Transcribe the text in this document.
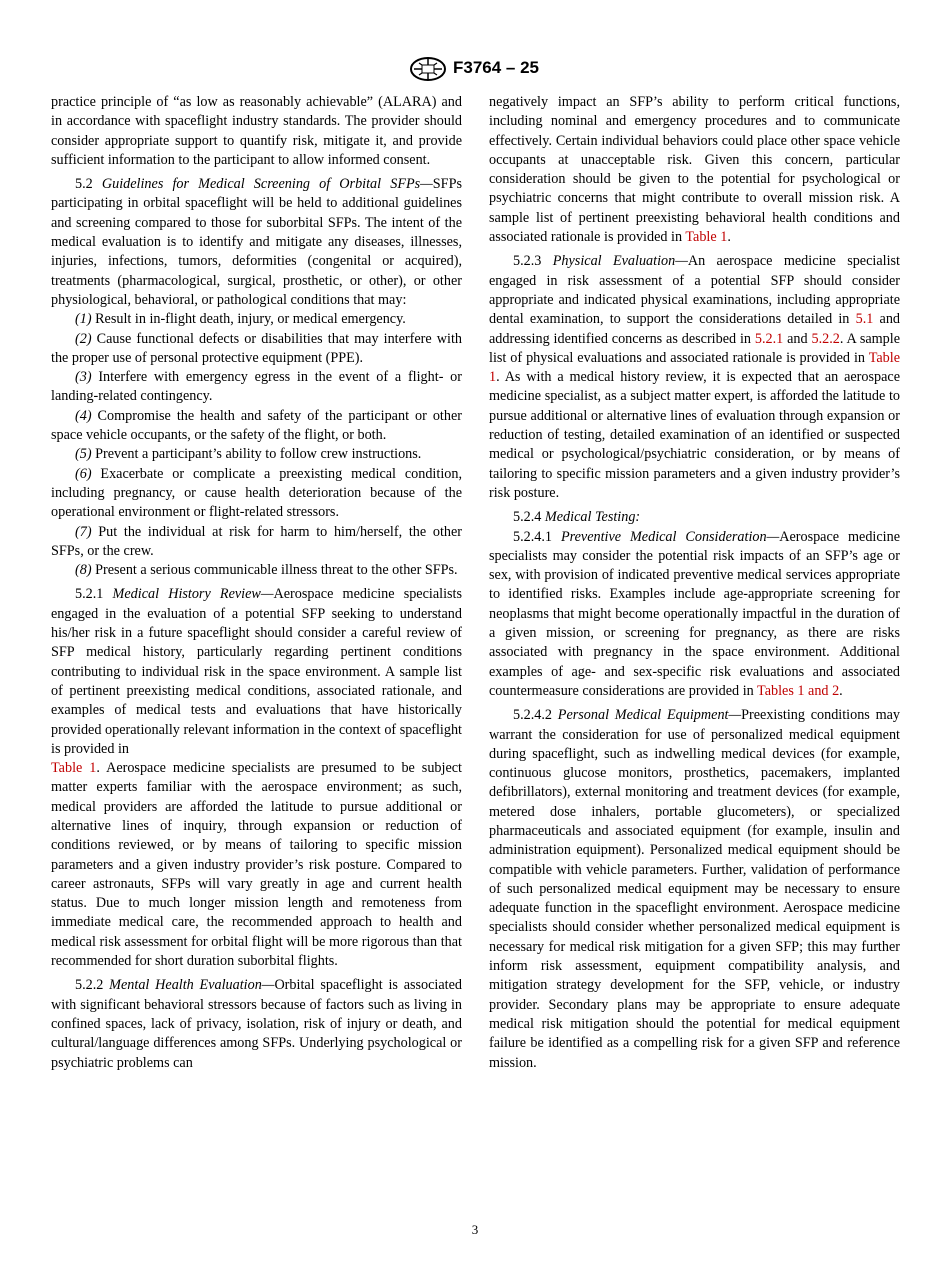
F3764 – 25

practice principle of “as low as reasonably achievable” (ALARA) and in accordance with spaceflight industry standards. The provider should consider appropriate support to quantify risk, mitigate it, and provide sufficient information to the participant to allow informed consent.

5.2 Guidelines for Medical Screening of Orbital SFPs—SFPs participating in orbital spaceflight will be held to additional guidelines and screening compared to those for suborbital SFPs. The intent of the medical evaluation is to identify and mitigate any diseases, illnesses, injuries, infections, tumors, deformities (congenital or acquired), treatments (pharmacological, surgical, prosthetic, or other), or other physiological, behavioral, or pathological conditions that may:

(1) Result in in-flight death, injury, or medical emergency.

(2) Cause functional defects or disabilities that may interfere with the proper use of personal protective equipment (PPE).

(3) Interfere with emergency egress in the event of a flight- or landing-related contingency.

(4) Compromise the health and safety of the participant or other space vehicle occupants, or the safety of the flight, or both.

(5) Prevent a participant’s ability to follow crew instructions.

(6) Exacerbate or complicate a preexisting medical condition, including pregnancy, or cause health deterioration because of the operational environment or flight-related stressors.

(7) Put the individual at risk for harm to him/herself, the other SFPs, or the crew.

(8) Present a serious communicable illness threat to the other SFPs.

5.2.1 Medical History Review—Aerospace medicine specialists engaged in the evaluation of a potential SFP seeking to understand his/her risk in a future spaceflight should consider a careful review of SFP medical history, particularly regarding pertinent conditions contributing to individual risk in the space environment. A sample list of pertinent preexisting medical conditions, associated rationale, and examples of medical tests and evaluations that have historically provided operationally relevant information in the context of spaceflight is provided in
Table 1. Aerospace medicine specialists are presumed to be subject matter experts familiar with the aerospace environment; as such, medical providers are afforded the latitude to pursue additional or alternative lines of inquiry, through expansion or reduction of conditions reviewed, or by means of tailoring to specific mission parameters and a given industry provider’s risk posture. Compared to career astronauts, SFPs will vary greatly in age and current health status. Due to much longer mission length and remoteness from immediate medical care, the recommended approach to health and medical risk assessment for orbital flight will be more rigorous than that recommended for short duration suborbital flights.

5.2.2 Mental Health Evaluation—Orbital spaceflight is associated with significant behavioral stressors because of factors such as living in confined spaces, lack of privacy, isolation, risk of injury or death, and cultural/language differences among SFPs. Underlying psychological or psychiatric problems can

negatively impact an SFP’s ability to perform critical functions, including nominal and emergency procedures and to communicate effectively. Certain individual behaviors could place other space vehicle occupants at unacceptable risk. Given this concern, particular consideration should be given to the potential for psychological or psychiatric concerns that might contribute to overall mission risk. A sample list of pertinent preexisting behavioral health conditions and associated rationale is provided in Table 1.

5.2.3 Physical Evaluation—An aerospace medicine specialist engaged in risk assessment of a potential SFP should consider appropriate and indicated physical examinations, including appropriate dental examination, to support the considerations detailed in 5.1 and addressing identified concerns as described in 5.2.1 and 5.2.2. A sample list of physical evaluations and associated rationale is provided in Table 1. As with a medical history review, it is expected that an aerospace medicine specialist, as a subject matter expert, is afforded the latitude to pursue additional or alternative lines of evaluation through expansion or reduction of testing, detailed examination of an identified or suspected medical or psychological/psychiatric consideration, or by means of tailoring to specific mission parameters and a given industry provider’s risk posture.

5.2.4 Medical Testing:

5.2.4.1 Preventive Medical Consideration—Aerospace medicine specialists may consider the potential risk impacts of an SFP’s age or sex, with provision of indicated preventive medical services appropriate to identified risks. Examples include age-appropriate screening for neoplasms that might become operationally impactful in the duration of a given mission, or screening for pregnancy, as there are risks associated with pregnancy in the space environment. Additional examples of age- and sex-specific risk evaluations and associated countermeasure considerations are provided in Tables 1 and 2.

5.2.4.2 Personal Medical Equipment—Preexisting conditions may warrant the consideration for use of personalized medical equipment during spaceflight, such as indwelling medical devices (for example, continuous glucose monitors, prosthetics, pacemakers, implanted defibrillators), external monitoring and treatment devices (for example, metered dose inhalers, portable glucometers), or specialized pharmaceuticals and associated equipment (for example, insulin and administration equipment). Personalized medical equipment should be compatible with vehicle parameters. Further, validation of performance of such personalized medical equipment may be necessary to ensure adequate function in the spaceflight environment. Aerospace medicine specialists should consider whether personalized medical equipment is necessary for medical risk mitigation for a given SFP; this may further inform risk assessment, equipment compatibility analysis, and mitigation strategy development for the SFP, vehicle, or industry provider. Secondary plans may be appropriate to ensure adequate medical risk mitigation should the potential for medical equipment failure be identified as a compelling risk for a given SFP and reference mission.

3
